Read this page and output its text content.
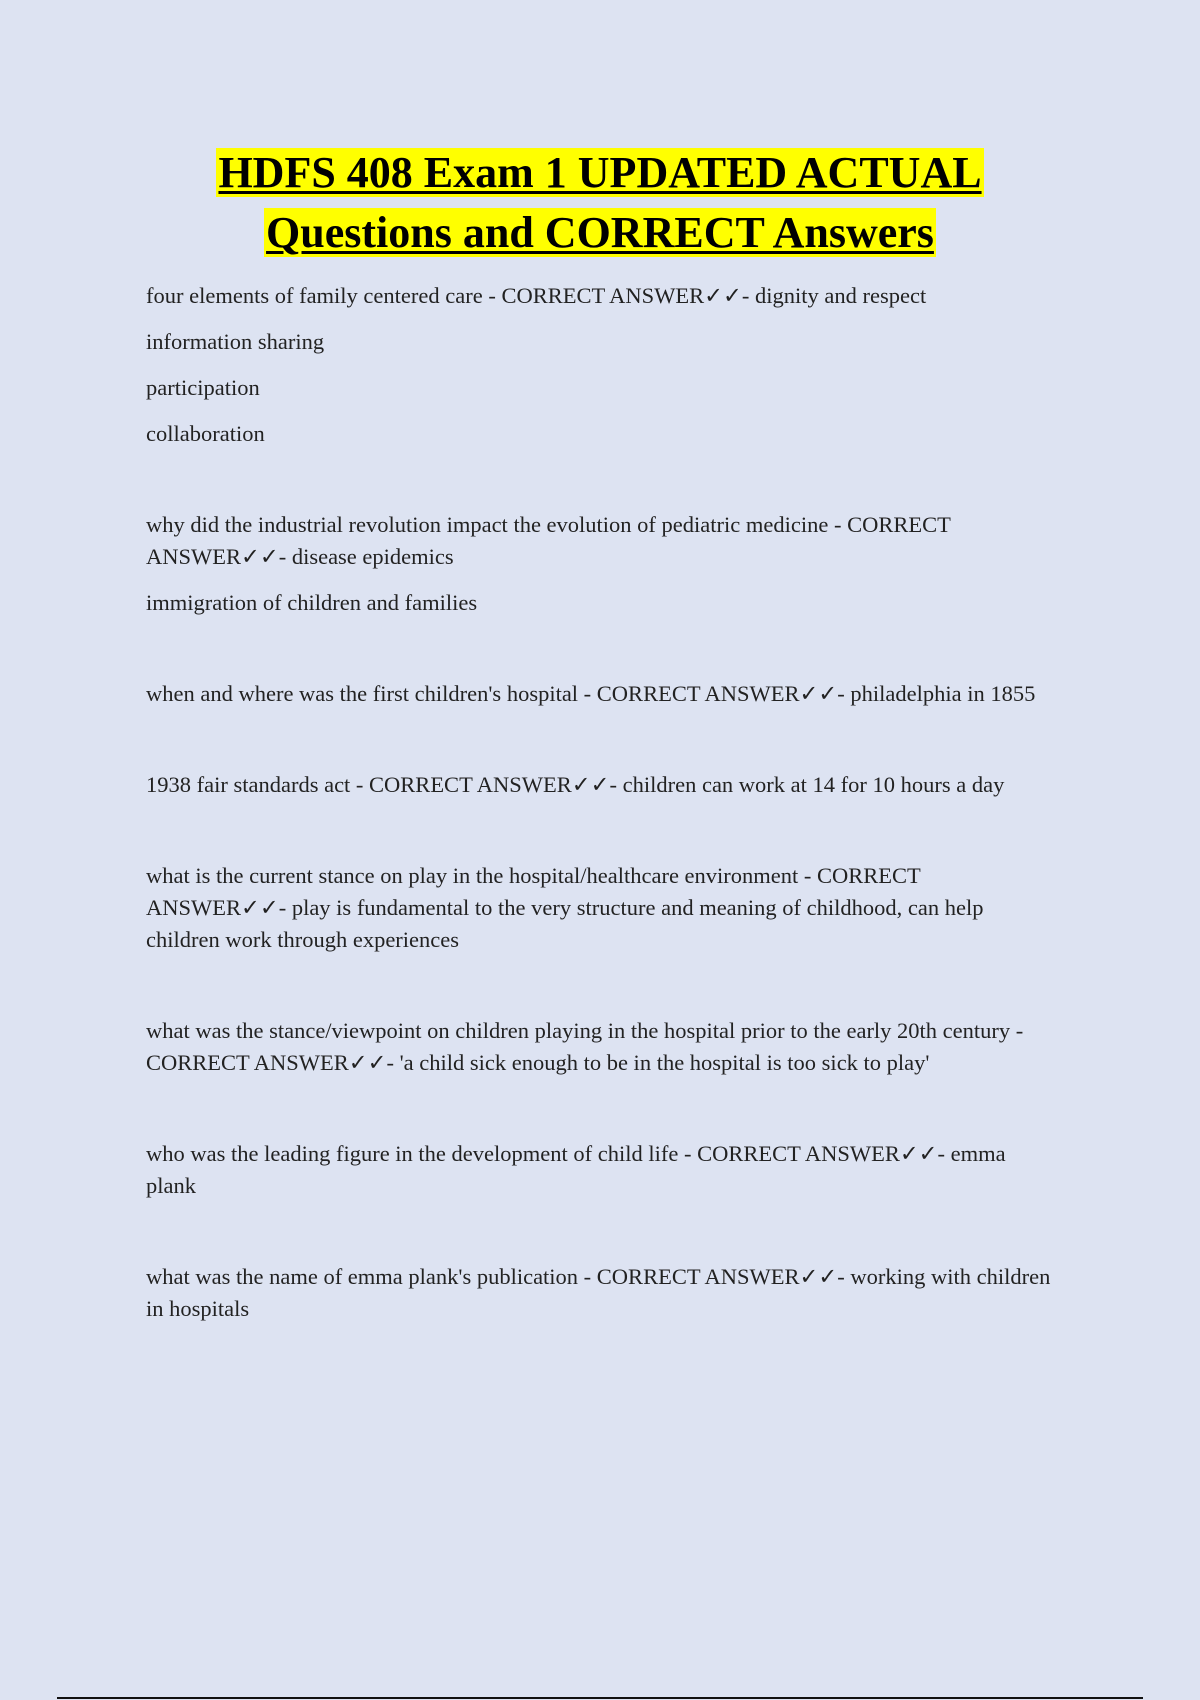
HDFS 408 Exam 1 UPDATED ACTUAL
Questions and CORRECT Answers

four elements of family centered care - CORRECT ANSWER✓✓- dignity and respect

information sharing

participation

collaboration

why did the industrial revolution impact the evolution of pediatric medicine - CORRECT ANSWER✓✓- disease epidemics

immigration of children and families

when and where was the first children's hospital - CORRECT ANSWER✓✓- philadelphia in 1855

1938 fair standards act - CORRECT ANSWER✓✓- children can work at 14 for 10 hours a day

what is the current stance on play in the hospital/healthcare environment - CORRECT ANSWER✓✓- play is fundamental to the very structure and meaning of childhood, can help children work through experiences

what was the stance/viewpoint on children playing in the hospital prior to the early 20th century - CORRECT ANSWER✓✓- 'a child sick enough to be in the hospital is too sick to play'

who was the leading figure in the development of child life - CORRECT ANSWER✓✓- emma plank

what was the name of emma plank's publication - CORRECT ANSWER✓✓- working with children in hospitals
